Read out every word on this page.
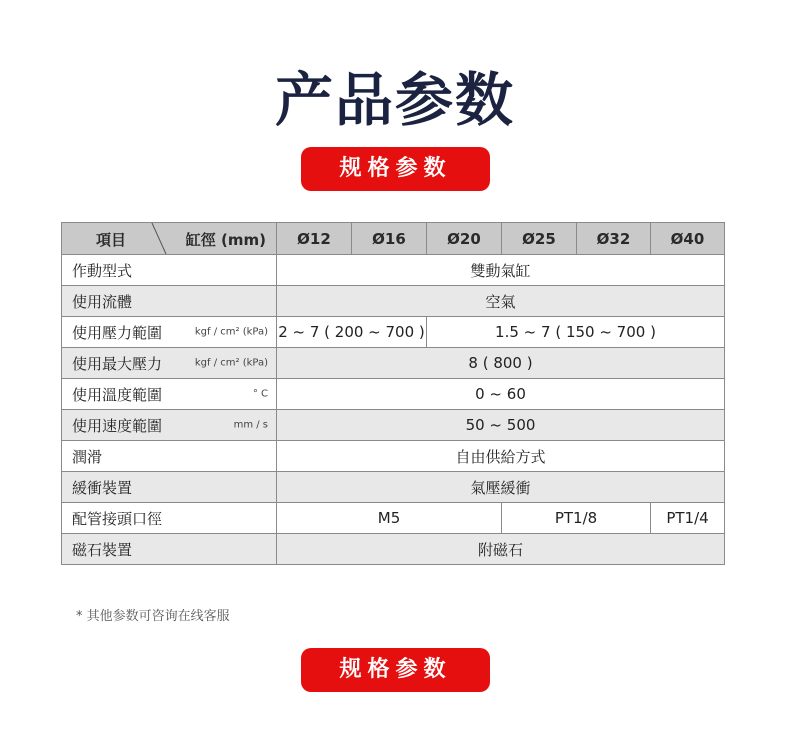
产品参数
规格参数
項目 缸徑 (mm)	Ø12	Ø16	Ø20	Ø25	Ø32	Ø40
作動型式	雙動氣缸					
使用流體	空氣					
使用壓力範圍 kgf / cm² (kPa)	2 ~ 7 ( 200 ~ 700 )		1.5 ~ 7 ( 150 ~ 700 )			
使用最大壓力 kgf / cm² (kPa)	8 ( 800 )					
使用溫度範圍 ° C	0 ~ 60					
使用速度範圍 mm / s	50 ~ 500					
潤滑	自由供給方式					
緩衝裝置	氣壓緩衝					
配管接頭口徑	M5			PT1/8		PT1/4
磁石裝置	附磁石					
* 其他参数可咨询在线客服
规格参数
